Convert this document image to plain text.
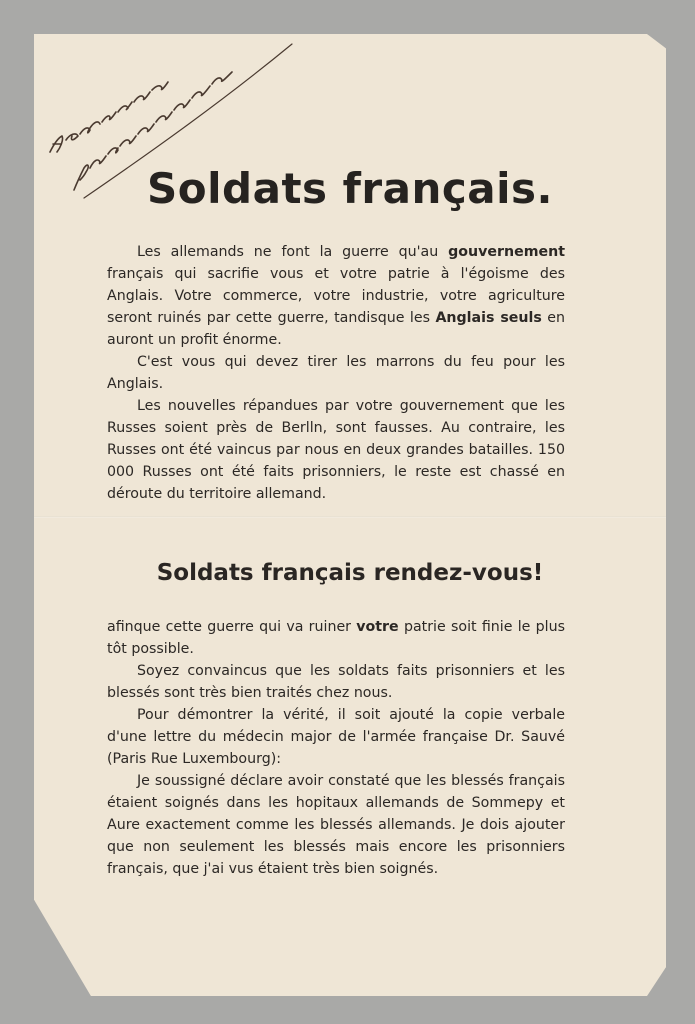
Soldats français.

Les allemands ne font la guerre qu'au gouvernement français qui sacrifie vous et votre patrie à l'égoisme des Anglais. Votre commerce, votre industrie, votre agriculture seront ruinés par cette guerre, tandisque les Anglais seuls en auront un profit énorme.

C'est vous qui devez tirer les marrons du feu pour les Anglais.

Les nouvelles répandues par votre gouvernement que les Russes soient près de Berlln, sont fausses. Au contraire, les Russes ont été vaincus par nous en deux grandes batailles. 150 000 Russes ont été faits prisonniers, le reste est chassé en déroute du territoire allemand.

Soldats français rendez-vous!

afinque cette guerre qui va ruiner votre patrie soit finie le plus tôt possible.

Soyez convaincus que les soldats faits prisonniers et les blessés sont très bien traités chez nous.

Pour démontrer la vérité, il soit ajouté la copie verbale d'une lettre du médecin major de l'armée française Dr. Sauvé (Paris Rue Luxembourg):

Je soussigné déclare avoir constaté que les blessés français étaient soignés dans les hopitaux allemands de Sommepy et Aure exactement comme les blessés allemands. Je dois ajouter que non seulement les blessés mais encore les prisonniers français, que j'ai vus étaient très bien soignés.
